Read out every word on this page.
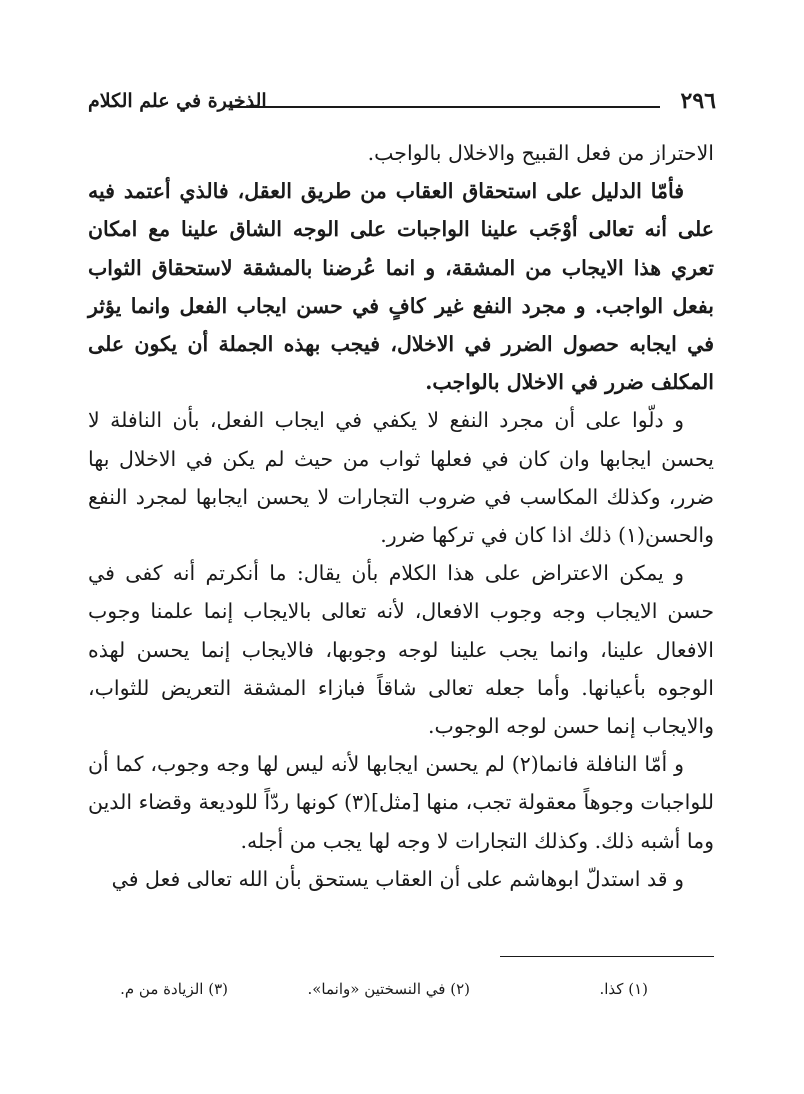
٢٩٦
الذخيرة في علم الكلام

الاحتراز من فعل القبيح والاخلال بالواجب.

فأمّا الدليل على استحقاق العقاب من طريق العقل، فالذي أعتمد فيه على أنه تعالى أوْجَب علينا الواجبات على الوجه الشاق علينا مع امكان تعري هذا الايجاب من المشقة، و انما عُرضنا بالمشقة لاستحقاق الثواب بفعل الواجب. و مجرد النفع غير كافٍ في حسن ايجاب الفعل وانما يؤثر في ايجابه حصول الضرر في الاخلال، فيجب بهذه الجملة أن يكون على المكلف ضرر في الاخلال بالواجب.

و دلّوا على أن مجرد النفع لا يكفي في ايجاب الفعل، بأن النافلة لا يحسن ايجابها وان كان في فعلها ثواب من حيث لم يكن في الاخلال بها ضرر، وكذلك المكاسب في ضروب التجارات لا يحسن ايجابها لمجرد النفع والحسن(١) ذلك اذا كان في تركها ضرر.

و يمكن الاعتراض على هذا الكلام بأن يقال: ما أنكرتم أنه كفى في حسن الايجاب وجه وجوب الافعال، لأنه تعالى بالايجاب إنما علمنا وجوب الافعال علينا، وانما يجب علينا لوجه وجوبها، فالايجاب إنما يحسن لهذه الوجوه بأعيانها. وأما جعله تعالى شاقاً فبازاء المشقة التعريض للثواب، والايجاب إنما حسن لوجه الوجوب.

و أمّا النافلة فانما(٢) لم يحسن ايجابها لأنه ليس لها وجه وجوب، كما أن للواجبات وجوهاً معقولة تجب، منها [مثل](٣) كونها ردّاً للوديعة وقضاء الدين وما أشبه ذلك. وكذلك التجارات لا وجه لها يجب من أجله.

و قد استدلّ ابوهاشم على أن العقاب يستحق بأن الله تعالى فعل في

(١) كذا.
(٢) في النسختين «وانما».
(٣) الزيادة من م.
